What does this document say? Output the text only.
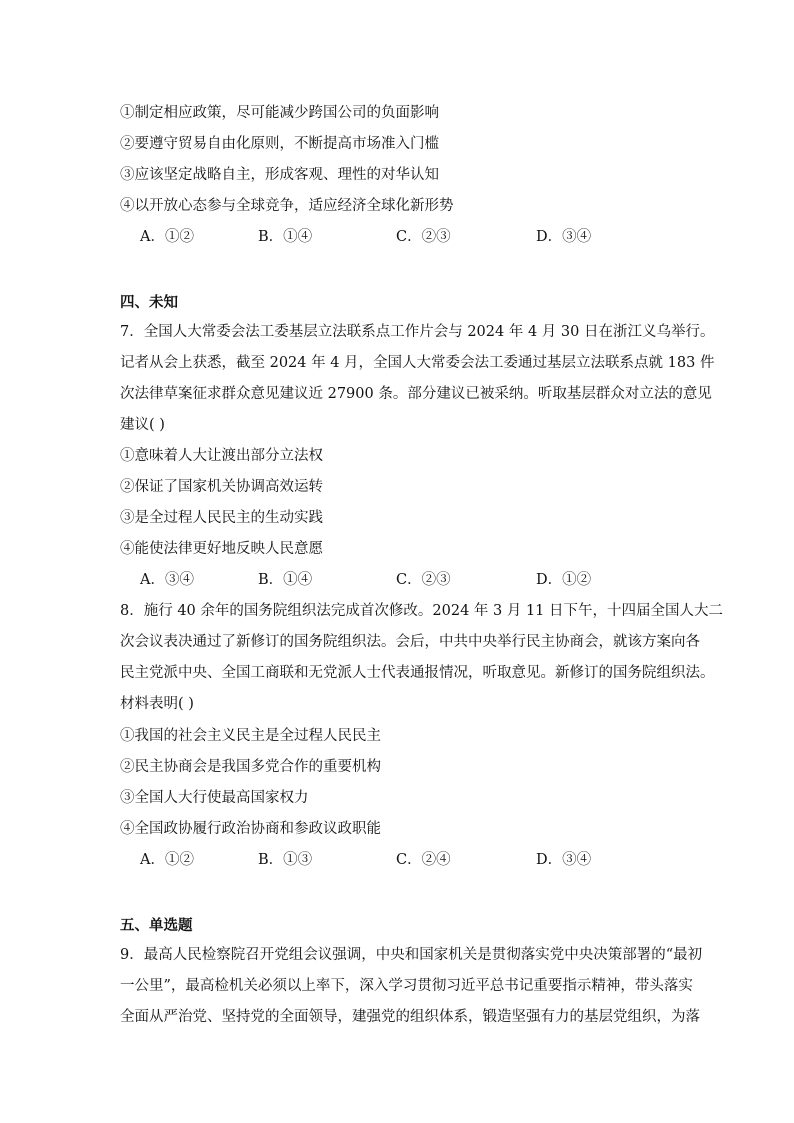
①制定相应政策，尽可能减少跨国公司的负面影响
②要遵守贸易自由化原则，不断提高市场准入门槛
③应该坚定战略自主，形成客观、理性的对华认知
④以开放心态参与全球竞争，适应经济全球化新形势
A．①②	B．①④	C．②③	D．③④
四、未知
7．全国人大常委会法工委基层立法联系点工作片会与 2024 年 4 月 30 日在浙江义乌举行。
记者从会上获悉，截至 2024 年 4 月，全国人大常委会法工委通过基层立法联系点就 183 件
次法律草案征求群众意见建议近 27900 条。部分建议已被采纳。听取基层群众对立法的意见
建议( )
①意味着人大让渡出部分立法权
②保证了国家机关协调高效运转
③是全过程人民民主的生动实践
④能使法律更好地反映人民意愿
A．③④	B．①④	C．②③	D．①②
8．施行 40 余年的国务院组织法完成首次修改。2024 年 3 月 11 日下午，十四届全国人大二
次会议表决通过了新修订的国务院组织法。会后，中共中央举行民主协商会，就该方案向各
民主党派中央、全国工商联和无党派人士代表通报情况，听取意见。新修订的国务院组织法。
材料表明( )
①我国的社会主义民主是全过程人民民主
②民主协商会是我国多党合作的重要机构
③全国人大行使最高国家权力
④全国政协履行政治协商和参政议政职能
A．①②	B．①③	C．②④	D．③④
五、单选题
9．最高人民检察院召开党组会议强调，中央和国家机关是贯彻落实党中央决策部署的“最初
一公里”，最高检机关必须以上率下，深入学习贯彻习近平总书记重要指示精神，带头落实
全面从严治党、坚持党的全面领导，建强党的组织体系，锻造坚强有力的基层党组织，为落
